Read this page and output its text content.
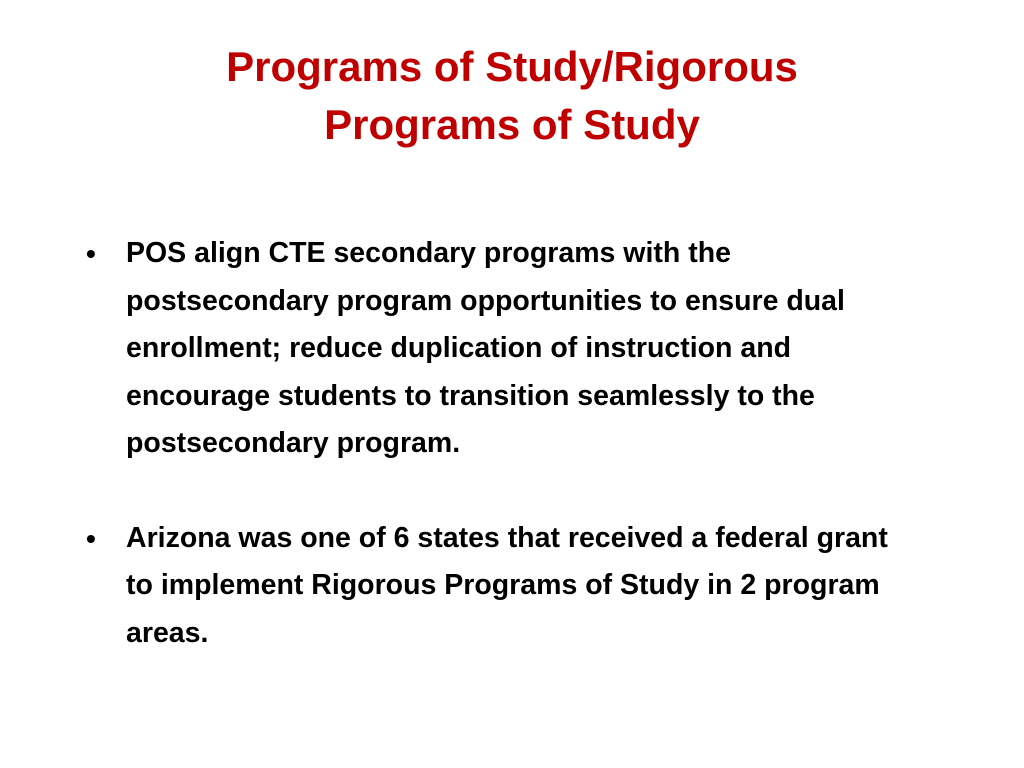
Programs of Study/Rigorous
Programs of Study
• POS align CTE secondary programs with the postsecondary program opportunities to ensure dual enrollment; reduce duplication of instruction and encourage students to transition seamlessly to the postsecondary program.
• Arizona was one of 6 states that received a federal grant to implement Rigorous Programs of Study in 2 program areas.
